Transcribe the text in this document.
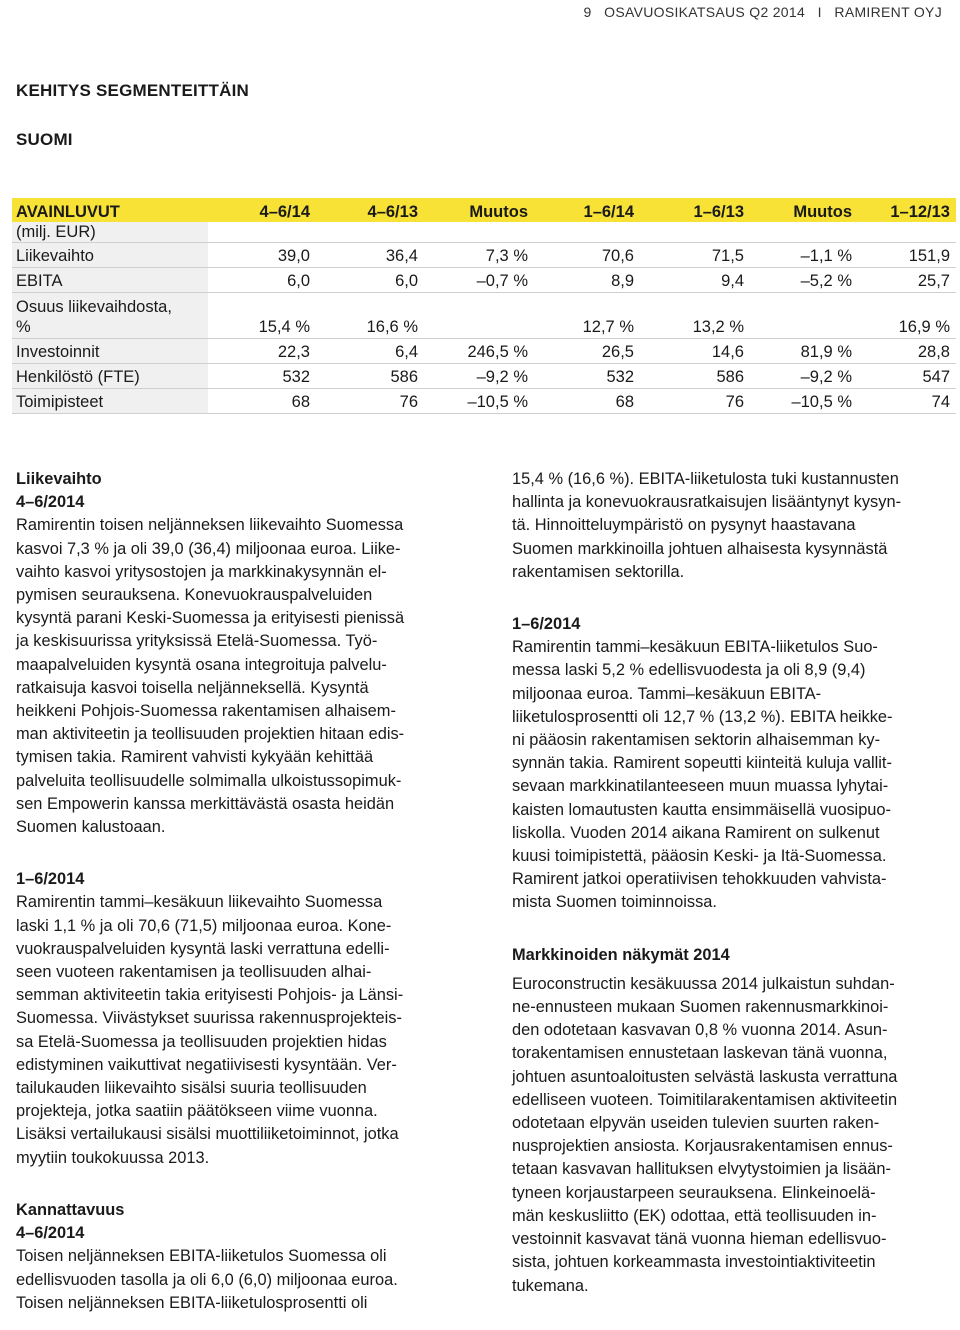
9 OSAVUOSIKATSAUS Q2 2014 I RAMIRENT OYJ
KEHITYS SEGMENTEITTÄIN
SUOMI
AVAINLUVUT	4–6/14	4–6/13	Muutos	1–6/14	1–6/13	Muutos	1–12/13
(milj. EUR)							
Liikevaihto	39,0	36,4	7,3 %	70,6	71,5	–1,1 %	151,9
EBITA	6,0	6,0	–0,7 %	8,9	9,4	–5,2 %	25,7
Osuus liikevaihdosta,
%	15,4 %	16,6 %		12,7 %	13,2 %		16,9 %
Investoinnit	22,3	6,4	246,5 %	26,5	14,6	81,9 %	28,8
Henkilöstö (FTE)	532	586	–9,2 %	532	586	–9,2 %	547
Toimipisteet	68	76	–10,5 %	68	76	–10,5 %	74

Liikevaihto

4–6/2014

Ramirentin toisen neljänneksen liikevaihto Suomessa
kasvoi 7,3 % ja oli 39,0 (36,4) miljoonaa euroa. Liike-
vaihto kasvoi yritysostojen ja markkinakysynnän el-
pymisen seurauksena. Konevuokrauspalveluiden
kysyntä parani Keski-Suomessa ja erityisesti pienissä
ja keskisuurissa yrityksissä Etelä-Suomessa. Työ-
maapalveluiden kysyntä osana integroituja palvelu-
ratkaisuja kasvoi toisella neljänneksellä. Kysyntä
heikkeni Pohjois-Suomessa rakentamisen alhaisem-
man aktiviteetin ja teollisuuden projektien hitaan edis-
tymisen takia. Ramirent vahvisti kykyään kehittää
palveluita teollisuudelle solmimalla ulkoistussopimuk-
sen Empowerin kanssa merkittävästä osasta heidän
Suomen kalustoaan.

1–6/2014

Ramirentin tammi–kesäkuun liikevaihto Suomessa
laski 1,1 % ja oli 70,6 (71,5) miljoonaa euroa. Kone-
vuokrauspalveluiden kysyntä laski verrattuna edelli-
seen vuoteen rakentamisen ja teollisuuden alhai-
semman aktiviteetin takia erityisesti Pohjois- ja Länsi-
Suomessa. Viivästykset suurissa rakennusprojekteis-
sa Etelä-Suomessa ja teollisuuden projektien hidas
edistyminen vaikuttivat negatiivisesti kysyntään. Ver-
tailukauden liikevaihto sisälsi suuria teollisuuden
projekteja, jotka saatiin päätökseen viime vuonna.
Lisäksi vertailukausi sisälsi muottiliiketoiminnot, jotka
myytiin toukokuussa 2013.

Kannattavuus

4–6/2014

Toisen neljänneksen EBITA-liiketulos Suomessa oli
edellisvuoden tasolla ja oli 6,0 (6,0) miljoonaa euroa.
Toisen neljänneksen EBITA-liiketulosprosentti oli
15,4 % (16,6 %). EBITA-liiketulosta tuki kustannusten
hallinta ja konevuokrausratkaisujen lisääntynyt kysyn-
tä. Hinnoitteluympäristö on pysynyt haastavana
Suomen markkinoilla johtuen alhaisesta kysynnästä
rakentamisen sektorilla.

1–6/2014

Ramirentin tammi–kesäkuun EBITA-liiketulos Suo-
messa laski 5,2 % edellisvuodesta ja oli 8,9 (9,4)
miljoonaa euroa. Tammi–kesäkuun EBITA-
liiketulosprosentti oli 12,7 % (13,2 %). EBITA heikke-
ni pääosin rakentamisen sektorin alhaisemman ky-
synnän takia. Ramirent sopeutti kiinteitä kuluja vallit-
sevaan markkinatilanteeseen muun muassa lyhytai-
kaisten lomautusten kautta ensimmäisellä vuosipuo-
liskolla. Vuoden 2014 aikana Ramirent on sulkenut
kuusi toimipistettä, pääosin Keski- ja Itä-Suomessa.
Ramirent jatkoi operatiivisen tehokkuuden vahvista-
mista Suomen toiminnoissa.

Markkinoiden näkymät 2014

Euroconstructin kesäkuussa 2014 julkaistun suhdan-
ne-ennusteen mukaan Suomen rakennusmarkkinoi-
den odotetaan kasvavan 0,8 % vuonna 2014. Asun-
torakentamisen ennustetaan laskevan tänä vuonna,
johtuen asuntoaloitusten selvästä laskusta verrattuna
edelliseen vuoteen. Toimitilarakentamisen aktiviteetin
odotetaan elpyvän useiden tulevien suurten raken-
nusprojektien ansiosta. Korjausrakentamisen ennus-
tetaan kasvavan hallituksen elvytystoimien ja lisään-
tyneen korjaustarpeen seurauksena. Elinkeinoelä-
män keskusliitto (EK) odottaa, että teollisuuden in-
vestoinnit kasvavat tänä vuonna hieman edellisvuo-
sista, johtuen korkeammasta investointiaktiviteetin
tukemana.
